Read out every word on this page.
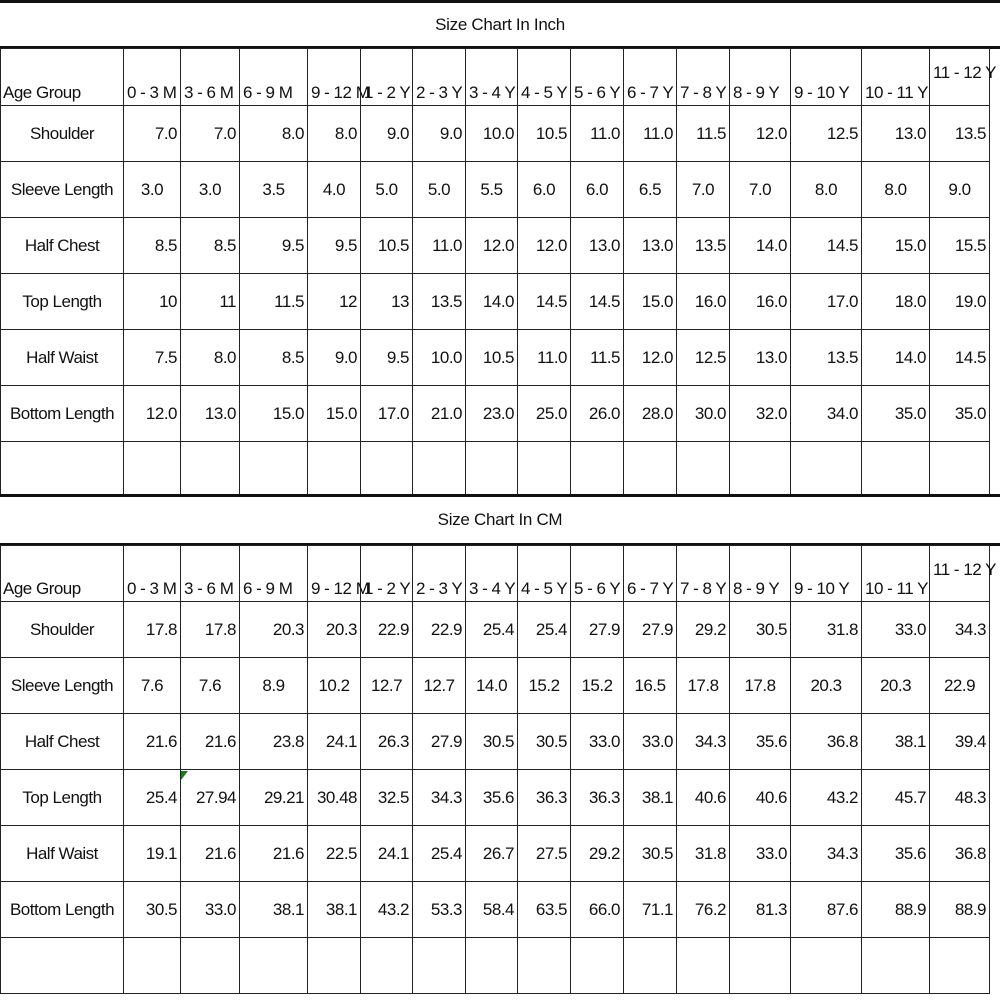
Size Chart In Inch
Age Group	0 - 3 M	3 - 6 M	6 - 9 M	9 - 12 M	1 - 2 Y	2 - 3 Y	3 - 4 Y	4 - 5 Y	5 - 6 Y	6 - 7 Y	7 - 8 Y	8 - 9 Y	9 - 10 Y	10 - 11 Y	11 - 12 Y
Shoulder	7.0	7.0	8.0	8.0	9.0	9.0	10.0	10.5	11.0	11.0	11.5	12.0	12.5	13.0	13.5
Sleeve Length	3.0	3.0	3.5	4.0	5.0	5.0	5.5	6.0	6.0	6.5	7.0	7.0	8.0	8.0	9.0
Half Chest	8.5	8.5	9.5	9.5	10.5	11.0	12.0	12.0	13.0	13.0	13.5	14.0	14.5	15.0	15.5
Top Length	10	11	11.5	12	13	13.5	14.0	14.5	14.5	15.0	16.0	16.0	17.0	18.0	19.0
Half Waist	7.5	8.0	8.5	9.0	9.5	10.0	10.5	11.0	11.5	12.0	12.5	13.0	13.5	14.0	14.5
Bottom Length	12.0	13.0	15.0	15.0	17.0	21.0	23.0	25.0	26.0	28.0	30.0	32.0	34.0	35.0	35.0

Size Chart In CM
Age Group	0 - 3 M	3 - 6 M	6 - 9 M	9 - 12 M	1 - 2 Y	2 - 3 Y	3 - 4 Y	4 - 5 Y	5 - 6 Y	6 - 7 Y	7 - 8 Y	8 - 9 Y	9 - 10 Y	10 - 11 Y	11 - 12 Y
Shoulder	17.8	17.8	20.3	20.3	22.9	22.9	25.4	25.4	27.9	27.9	29.2	30.5	31.8	33.0	34.3
Sleeve Length	7.6	7.6	8.9	10.2	12.7	12.7	14.0	15.2	15.2	16.5	17.8	17.8	20.3	20.3	22.9
Half Chest	21.6	21.6	23.8	24.1	26.3	27.9	30.5	30.5	33.0	33.0	34.3	35.6	36.8	38.1	39.4
Top Length	25.4	27.94	29.21	30.48	32.5	34.3	35.6	36.3	36.3	38.1	40.6	40.6	43.2	45.7	48.3
Half Waist	19.1	21.6	21.6	22.5	24.1	25.4	26.7	27.5	29.2	30.5	31.8	33.0	34.3	35.6	36.8
Bottom Length	30.5	33.0	38.1	38.1	43.2	53.3	58.4	63.5	66.0	71.1	76.2	81.3	87.6	88.9	88.9
